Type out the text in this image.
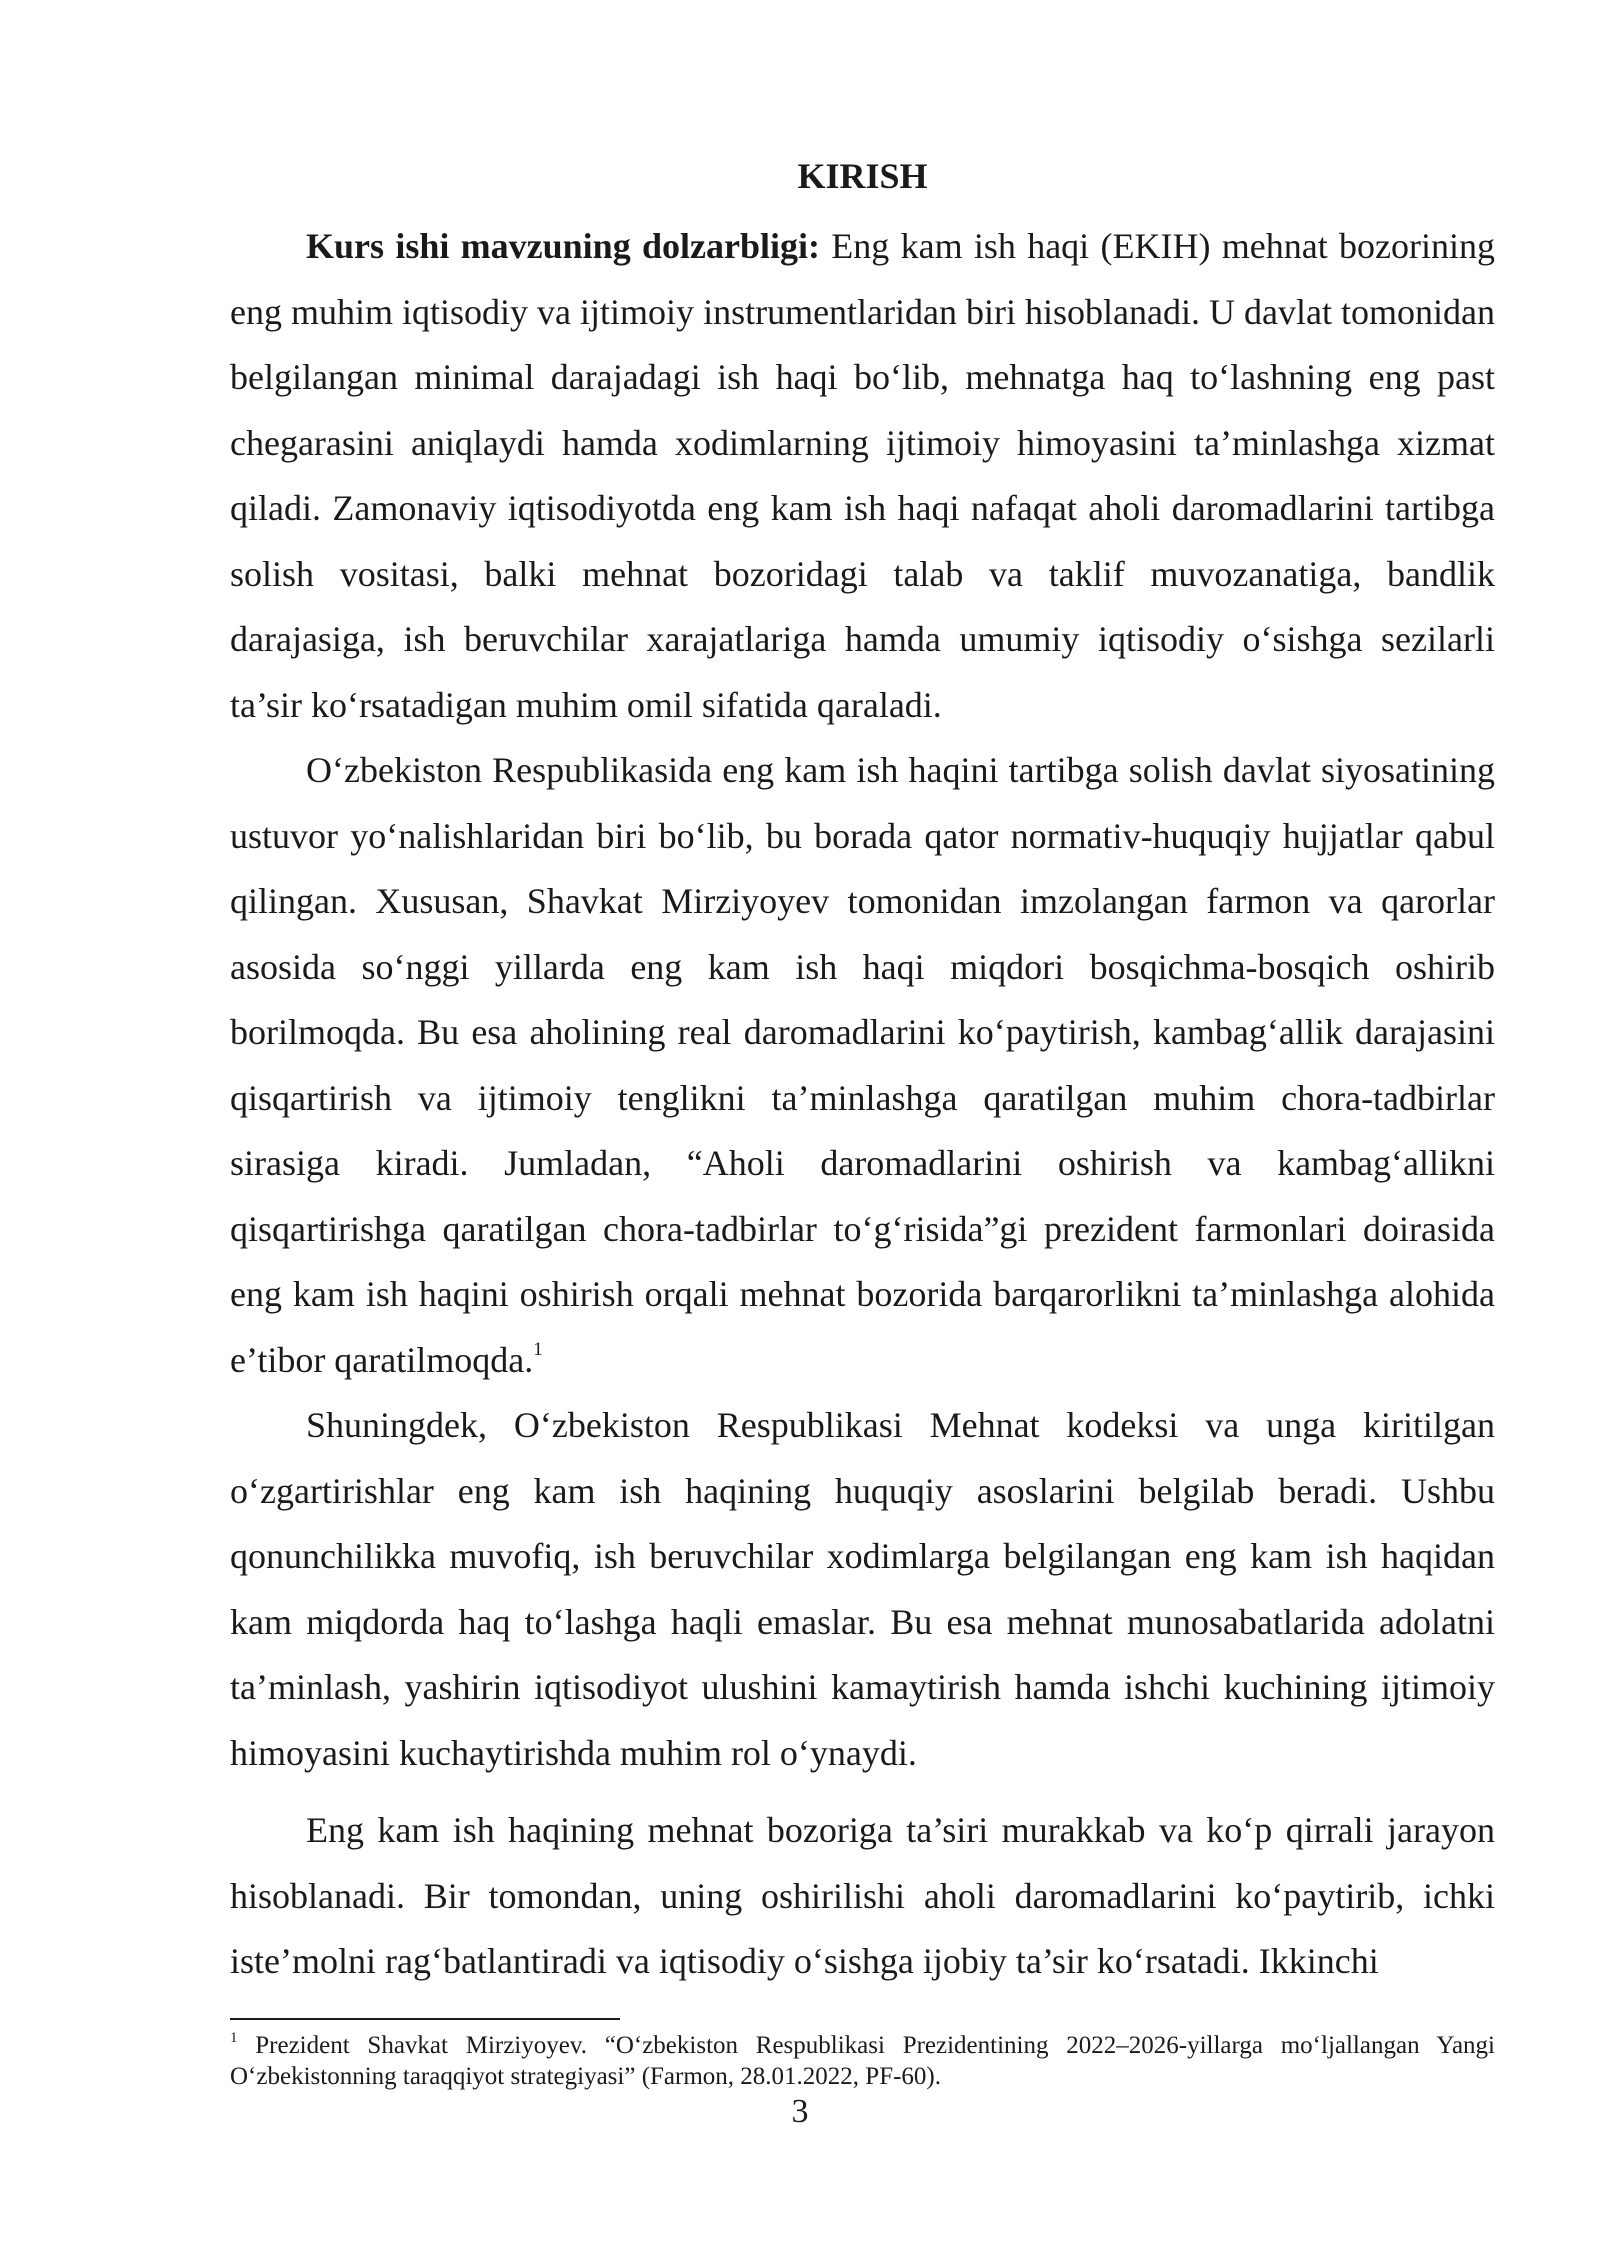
KIRISH

Kurs ishi mavzuning dolzarbligi: Eng kam ish haqi (EKIH) mehnat bozorining eng muhim iqtisodiy va ijtimoiy instrumentlaridan biri hisoblanadi. U davlat tomonidan belgilangan minimal darajadagi ish haqi bo‘lib, mehnatga haq to‘lashning eng past chegarasini aniqlaydi hamda xodimlarning ijtimoiy himoyasini ta’minlashga xizmat qiladi. Zamonaviy iqtisodiyotda eng kam ish haqi nafaqat aholi daromadlarini tartibga solish vositasi, balki mehnat bozoridagi talab va taklif muvozanatiga, bandlik darajasiga, ish beruvchilar xarajatlariga hamda umumiy iqtisodiy o‘sishga sezilarli ta’sir ko‘rsatadigan muhim omil sifatida qaraladi.

O‘zbekiston Respublikasida eng kam ish haqini tartibga solish davlat siyosatining ustuvor yo‘nalishlaridan biri bo‘lib, bu borada qator normativ-huquqiy hujjatlar qabul qilingan. Xususan, Shavkat Mirziyoyev tomonidan imzolangan farmon va qarorlar asosida so‘nggi yillarda eng kam ish haqi miqdori bosqichma-bosqich oshirib borilmoqda. Bu esa aholining real daromadlarini ko‘paytirish, kambag‘allik darajasini qisqartirish va ijtimoiy tenglikni ta’minlashga qaratilgan muhim chora-tadbirlar sirasiga kiradi. Jumladan, “Aholi daromadlarini oshirish va kambag‘allikni qisqartirishga qaratilgan chora-tadbirlar to‘g‘risida”gi prezident farmonlari doirasida eng kam ish haqini oshirish orqali mehnat bozorida barqarorlikni ta’minlashga alohida e’tibor qaratilmoqda.$^1$

Shuningdek, O‘zbekiston Respublikasi Mehnat kodeksi va unga kiritilgan o‘zgartirishlar eng kam ish haqining huquqiy asoslarini belgilab beradi. Ushbu qonunchilikka muvofiq, ish beruvchilar xodimlarga belgilangan eng kam ish haqidan kam miqdorda haq to‘lashga haqli emaslar. Bu esa mehnat munosabatlarida adolatni ta’minlash, yashirin iqtisodiyot ulushini kamaytirish hamda ishchi kuchining ijtimoiy himoyasini kuchaytirishda muhim rol o‘ynaydi.

Eng kam ish haqining mehnat bozoriga ta’siri murakkab va ko‘p qirrali jarayon hisoblanadi. Bir tomondan, uning oshirilishi aholi daromadlarini ko‘paytirib, ichki iste’molni rag‘batlantiradi va iqtisodiy o‘sishga ijobiy ta’sir ko‘rsatadi. Ikkinchi

$^1$ Prezident Shavkat Mirziyoyev. “O‘zbekiston Respublikasi Prezidentining 2022–2026-yillarga mo‘ljallangan Yangi O‘zbekistonning taraqqiyot strategiyasi” (Farmon, 28.01.2022, PF-60).
3
